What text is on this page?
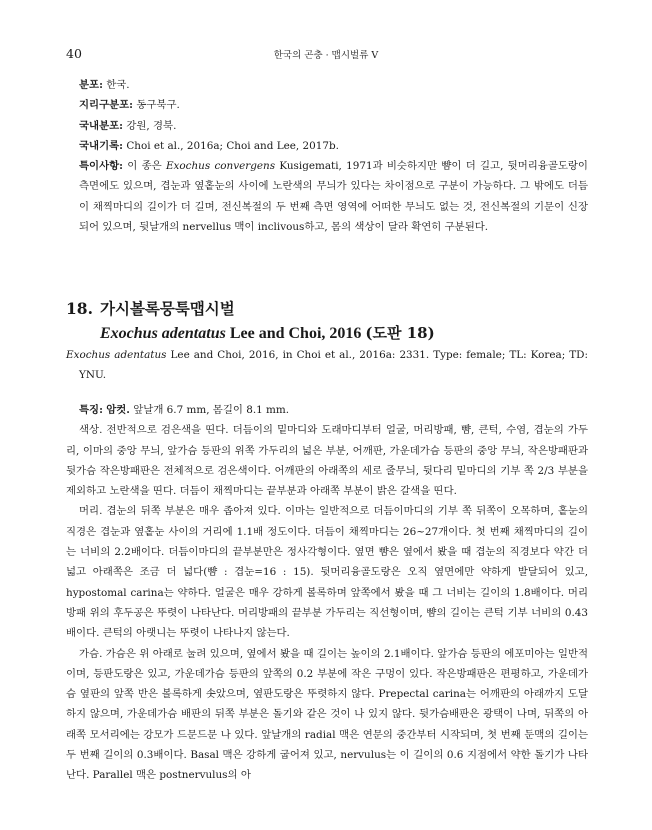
40	한국의 곤충 · 맵시벌류 V

분포: 한국.

지리구분포: 동구북구.

국내분포: 강원, 경북.

국내기록: Choi et al., 2016a; Choi and Lee, 2017b.

특이사항: 이 종은 Exochus convergens Kusigemati, 1971과 비슷하지만 뺨이 더 길고, 뒷머리융골도랑이 측면에도 있으며, 겹눈과 옆홑눈의 사이에 노란색의 무늬가 있다는 차이점으로 구분이 가능하다. 그 밖에도 더듬이 채찍마디의 길이가 더 길며, 전신복절의 두 번째 측면 영역에 어떠한 무늬도 없는 것, 전신복절의 기문이 신장되어 있으며, 뒷날개의 nervellus 맥이 inclivous하고, 몸의 색상이 달라 확연히 구분된다.

18. 가시볼록뭉툭맵시벌
Exochus adentatus Lee and Choi, 2016 (도판 18)

Exochus adentatus Lee and Choi, 2016, in Choi et al., 2016a: 2331. Type: female; TL: Korea; TD: YNU.

특징: 암컷. 앞날개 6.7 mm, 몸길이 8.1 mm.

색상. 전반적으로 검은색을 띤다. 더듬이의 밑마디와 도래마디부터 얼굴, 머리방패, 뺨, 큰턱, 수염, 겹눈의 가두리, 이마의 중앙 무늬, 앞가슴 등판의 위쪽 가두리의 넓은 부분, 어깨판, 가운데가슴 등판의 중앙 무늬, 작은방패판과 뒷가슴 작은방패판은 전체적으로 검은색이다. 어깨판의 아래쪽의 세로 줄무늬, 뒷다리 밑마디의 기부 쪽 2/3 부분을 제외하고 노란색을 띤다. 더듬이 채찍마디는 끝부분과 아래쪽 부분이 밝은 갈색을 띤다.

머리. 겹눈의 뒤쪽 부분은 매우 좁아져 있다. 이마는 일반적으로 더듬이마디의 기부 쪽 뒤쪽이 오목하며, 홑눈의 직경은 겹눈과 옆홑눈 사이의 거리에 1.1배 정도이다. 더듬이 채찍마디는 26~27개이다. 첫 번째 채찍마디의 길이는 너비의 2.2배이다. 더듬이마디의 끝부분만은 정사각형이다. 옆면 뺨은 옆에서 봤을 때 겹눈의 직경보다 약간 더 넓고 아래쪽은 조금 더 넓다(뺨 : 겹눈=16 : 15). 뒷머리융골도랑은 오직 옆면에만 약하게 발달되어 있고, hypostomal carina는 약하다. 얼굴은 매우 강하게 볼록하며 앞쪽에서 봤을 때 그 너비는 길이의 1.8배이다. 머리방패 위의 후두공은 뚜렷이 나타난다. 머리방패의 끝부분 가두리는 직선형이며, 뺨의 길이는 큰턱 기부 너비의 0.43배이다. 큰턱의 아랫니는 뚜렷이 나타나지 않는다.

가슴. 가슴은 위 아래로 눌려 있으며, 옆에서 봤을 때 길이는 높이의 2.1배이다. 앞가슴 등판의 에포미아는 일반적이며, 등판도랑은 있고, 가운데가슴 등판의 앞쪽의 0.2 부분에 작은 구멍이 있다. 작은방패판은 편평하고, 가운데가슴 옆판의 앞쪽 반은 볼록하게 솟았으며, 옆판도랑은 뚜렷하지 않다. Prepectal carina는 어깨판의 아래까지 도달하지 않으며, 가운데가슴 배판의 뒤쪽 부분은 돌기와 같은 것이 나 있지 않다. 뒷가슴배판은 광택이 나며, 뒤쪽의 아래쪽 모서리에는 강모가 드문드문 나 있다. 앞날개의 radial 맥은 연문의 중간부터 시작되며, 첫 번째 둔맥의 길이는 두 번째 길이의 0.3배이다. Basal 맥은 강하게 굽어져 있고, nervulus는 이 길이의 0.6 지점에서 약한 돌기가 나타난다. Parallel 맥은 postnervulus의 아
